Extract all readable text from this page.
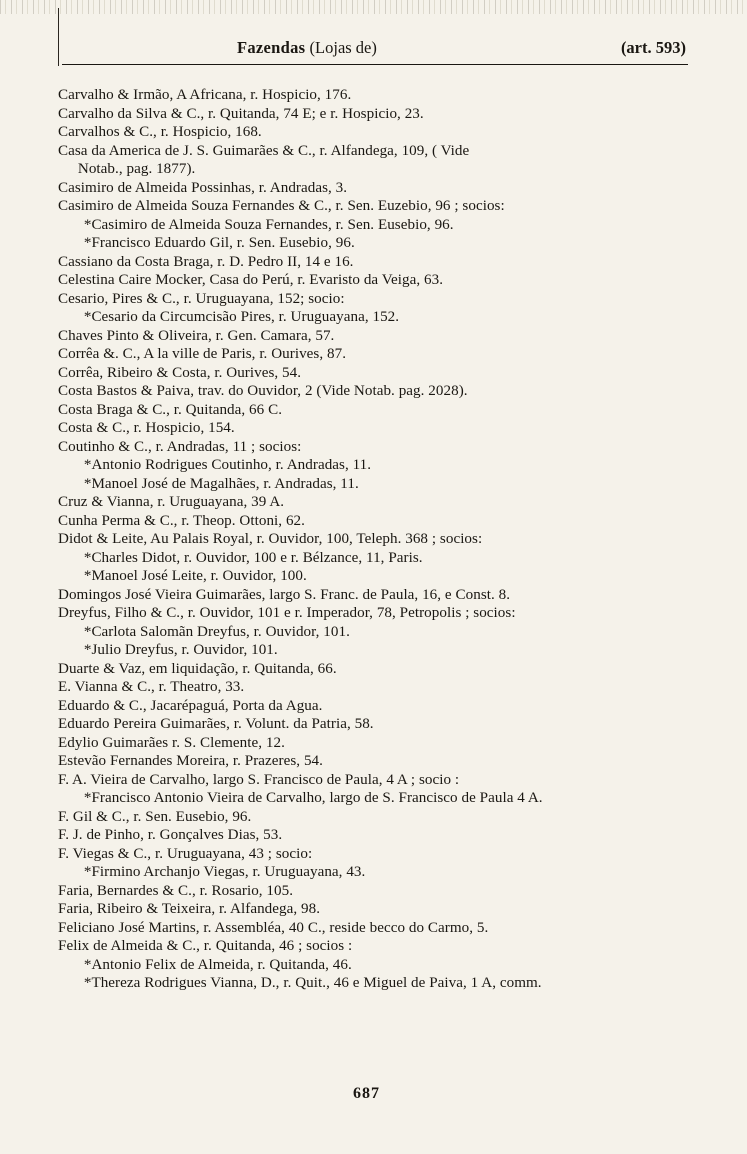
Fazendas (Lojas de)	(art. 593)
Carvalho & Irmão, A Africana, r. Hospicio, 176.
Carvalho da Silva & C., r. Quitanda, 74 E; e r. Hospicio, 23.
Carvalhos & C., r. Hospicio, 168.
Casa da America de J. S. Guimarães & C., r. Alfandega, 109, ( Vide
Notab., pag. 1877).
Casimiro de Almeida Possinhas, r. Andradas, 3.
Casimiro de Almeida Souza Fernandes & C., r. Sen. Euzebio, 96 ; socios:
*Casimiro de Almeida Souza Fernandes, r. Sen. Eusebio, 96.
*Francisco Eduardo Gil, r. Sen. Eusebio, 96.
Cassiano da Costa Braga, r. D. Pedro II, 14 e 16.
Celestina Caire Mocker, Casa do Perú, r. Evaristo da Veiga, 63.
Cesario, Pires & C., r. Uruguayana, 152; socio:
*Cesario da Circumcisão Pires, r. Uruguayana, 152.
Chaves Pinto & Oliveira, r. Gen. Camara, 57.
Corrêa &. C., A la ville de Paris, r. Ourives, 87.
Corrêa, Ribeiro & Costa, r. Ourives, 54.
Costa Bastos & Paiva, trav. do Ouvidor, 2 (Vide Notab. pag. 2028).
Costa Braga & C., r. Quitanda, 66 C.
Costa & C., r. Hospicio, 154.
Coutinho & C., r. Andradas, 11 ; socios:
*Antonio Rodrigues Coutinho, r. Andradas, 11.
*Manoel José de Magalhães, r. Andradas, 11.
Cruz & Vianna, r. Uruguayana, 39 A.
Cunha Perma & C., r. Theop. Ottoni, 62.
Didot & Leite, Au Palais Royal, r. Ouvidor, 100, Teleph. 368 ; socios:
*Charles Didot, r. Ouvidor, 100 e r. Bélzance, 11, Paris.
*Manoel José Leite, r. Ouvidor, 100.
Domingos José Vieira Guimarães, largo S. Franc. de Paula, 16, e Const. 8.
Dreyfus, Filho & C., r. Ouvidor, 101 e r. Imperador, 78, Petropolis ; socios:
*Carlota Salomãn Dreyfus, r. Ouvidor, 101.
*Julio Dreyfus, r. Ouvidor, 101.
Duarte & Vaz, em liquidação, r. Quitanda, 66.
E. Vianna & C., r. Theatro, 33.
Eduardo & C., Jacarépaguá, Porta da Agua.
Eduardo Pereira Guimarães, r. Volunt. da Patria, 58.
Edylio Guimarães r. S. Clemente, 12.
Estevão Fernandes Moreira, r. Prazeres, 54.
F. A. Vieira de Carvalho, largo S. Francisco de Paula, 4 A ; socio :
*Francisco Antonio Vieira de Carvalho, largo de S. Francisco de Paula 4 A.
F. Gil & C., r. Sen. Eusebio, 96.
F. J. de Pinho, r. Gonçalves Dias, 53.
F. Viegas & C., r. Uruguayana, 43 ; socio:
*Firmino Archanjo Viegas, r. Uruguayana, 43.
Faria, Bernardes & C., r. Rosario, 105.
Faria, Ribeiro & Teixeira, r. Alfandega, 98.
Feliciano José Martins, r. Assembléa, 40 C., reside becco do Carmo, 5.
Felix de Almeida & C., r. Quitanda, 46 ; socios :
*Antonio Felix de Almeida, r. Quitanda, 46.
*Thereza Rodrigues Vianna, D., r. Quit., 46 e Miguel de Paiva, 1 A, comm.
687
